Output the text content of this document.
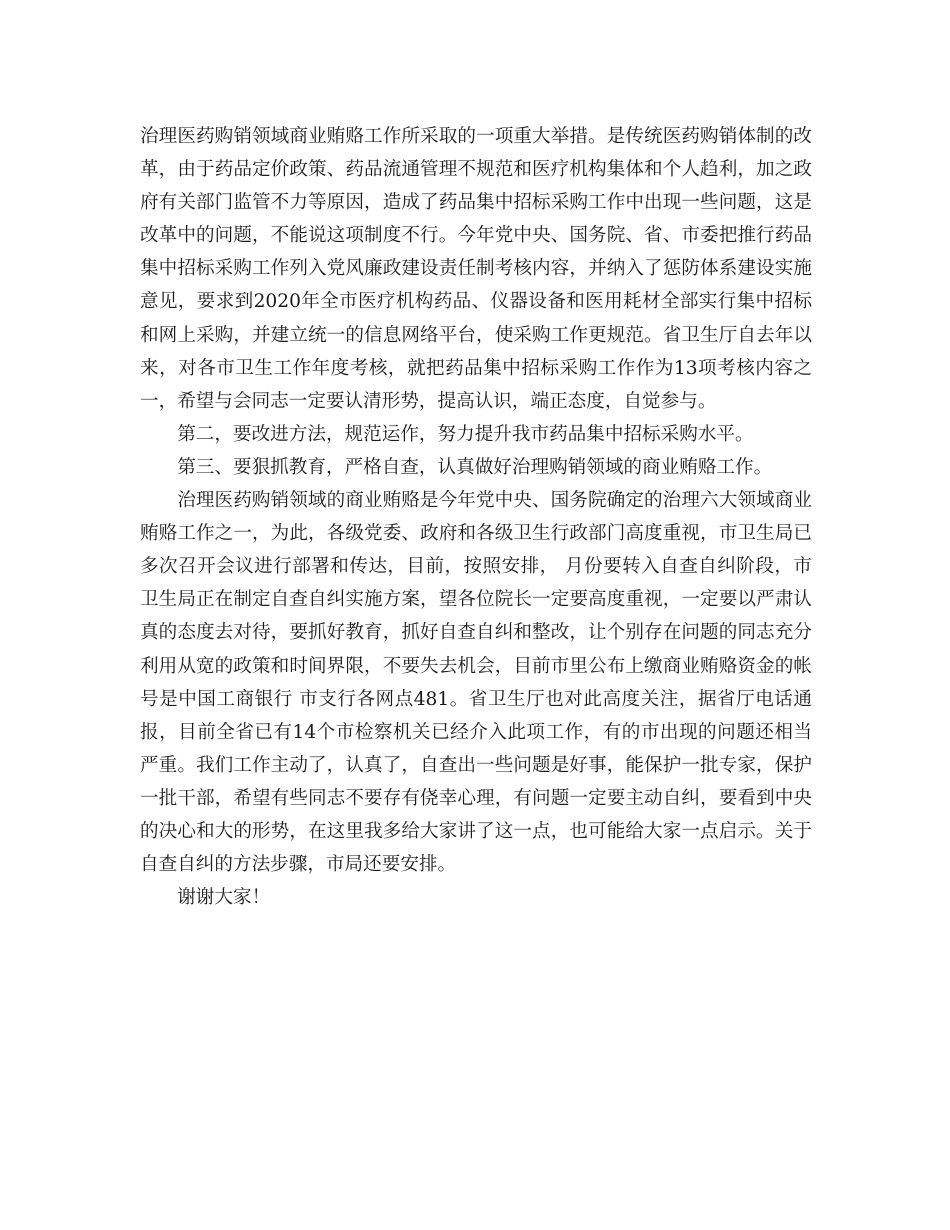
治理医药购销领域商业贿赂工作所采取的一项重大举措。是传统医药购销体制的改革，由于药品定价政策、药品流通管理不规范和医疗机构集体和个人趋利，加之政府有关部门监管不力等原因，造成了药品集中招标采购工作中出现一些问题，这是改革中的问题，不能说这项制度不行。今年党中央、国务院、省、市委把推行药品集中招标采购工作列入党风廉政建设责任制考核内容，并纳入了惩防体系建设实施意见，要求到2020年全市医疗机构药品、仪器设备和医用耗材全部实行集中招标和网上采购，并建立统一的信息网络平台，使采购工作更规范。省卫生厅自去年以来，对各市卫生工作年度考核，就把药品集中招标采购工作作为13项考核内容之一，希望与会同志一定要认清形势，提高认识，端正态度，自觉参与。

第二，要改进方法，规范运作，努力提升我市药品集中招标采购水平。

第三、要狠抓教育，严格自查，认真做好治理购销领域的商业贿赂工作。

治理医药购销领域的商业贿赂是今年党中央、国务院确定的治理六大领域商业贿赂工作之一，为此，各级党委、政府和各级卫生行政部门高度重视，市卫生局已多次召开会议进行部署和传达，目前，按照安排， 月份要转入自查自纠阶段，市卫生局正在制定自查自纠实施方案，望各位院长一定要高度重视，一定要以严肃认真的态度去对待，要抓好教育，抓好自查自纠和整改，让个别存在问题的同志充分利用从宽的政策和时间界限，不要失去机会，目前市里公布上缴商业贿赂资金的帐号是中国工商银行 市支行各网点481。省卫生厅也对此高度关注，据省厅电话通报，目前全省已有14个市检察机关已经介入此项工作，有的市出现的问题还相当严重。我们工作主动了，认真了，自查出一些问题是好事，能保护一批专家，保护一批干部，希望有些同志不要存有侥幸心理，有问题一定要主动自纠，要看到中央的决心和大的形势，在这里我多给大家讲了这一点，也可能给大家一点启示。关于自查自纠的方法步骤，市局还要安排。

谢谢大家！
